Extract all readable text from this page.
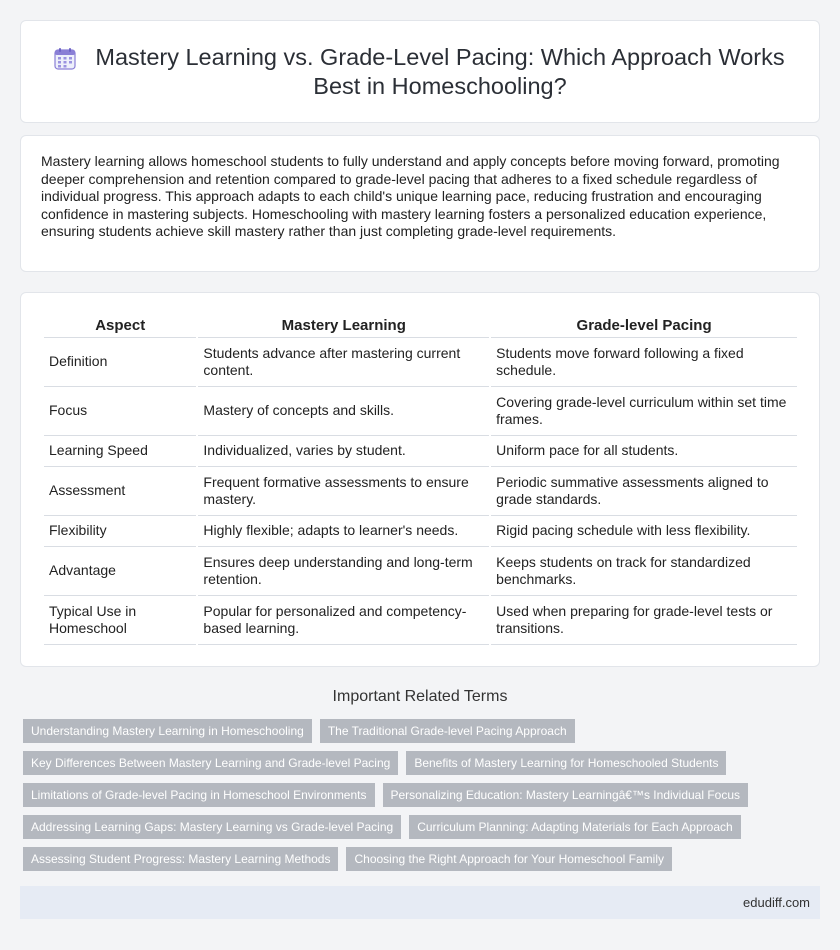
Mastery Learning vs. Grade-Level Pacing: Which Approach Works Best in Homeschooling?

Mastery learning allows homeschool students to fully understand and apply concepts before moving forward, promoting deeper comprehension and retention compared to grade-level pacing that adheres to a fixed schedule regardless of individual progress. This approach adapts to each child's unique learning pace, reducing frustration and encouraging confidence in mastering subjects. Homeschooling with mastery learning fosters a personalized education experience, ensuring students achieve skill mastery rather than just completing grade-level requirements.

Aspect	Mastery Learning	Grade-level Pacing
Definition	Students advance after mastering current content.	Students move forward following a fixed schedule.
Focus	Mastery of concepts and skills.	Covering grade-level curriculum within set time frames.
Learning Speed	Individualized, varies by student.	Uniform pace for all students.
Assessment	Frequent formative assessments to ensure mastery.	Periodic summative assessments aligned to grade standards.
Flexibility	Highly flexible; adapts to learner's needs.	Rigid pacing schedule with less flexibility.
Advantage	Ensures deep understanding and long-term retention.	Keeps students on track for standardized benchmarks.
Typical Use in Homeschool	Popular for personalized and competency-based learning.	Used when preparing for grade-level tests or transitions.
Important Related Terms
Understanding Mastery Learning in Homeschooling	The Traditional Grade-level Pacing Approach
Key Differences Between Mastery Learning and Grade-level Pacing	Benefits of Mastery Learning for Homeschooled Students
Limitations of Grade-level Pacing in Homeschool Environments	Personalizing Education: Mastery Learningâ€™s Individual Focus
Addressing Learning Gaps: Mastery Learning vs Grade-level Pacing	Curriculum Planning: Adapting Materials for Each Approach
Assessing Student Progress: Mastery Learning Methods	Choosing the Right Approach for Your Homeschool Family
edudiff.com
